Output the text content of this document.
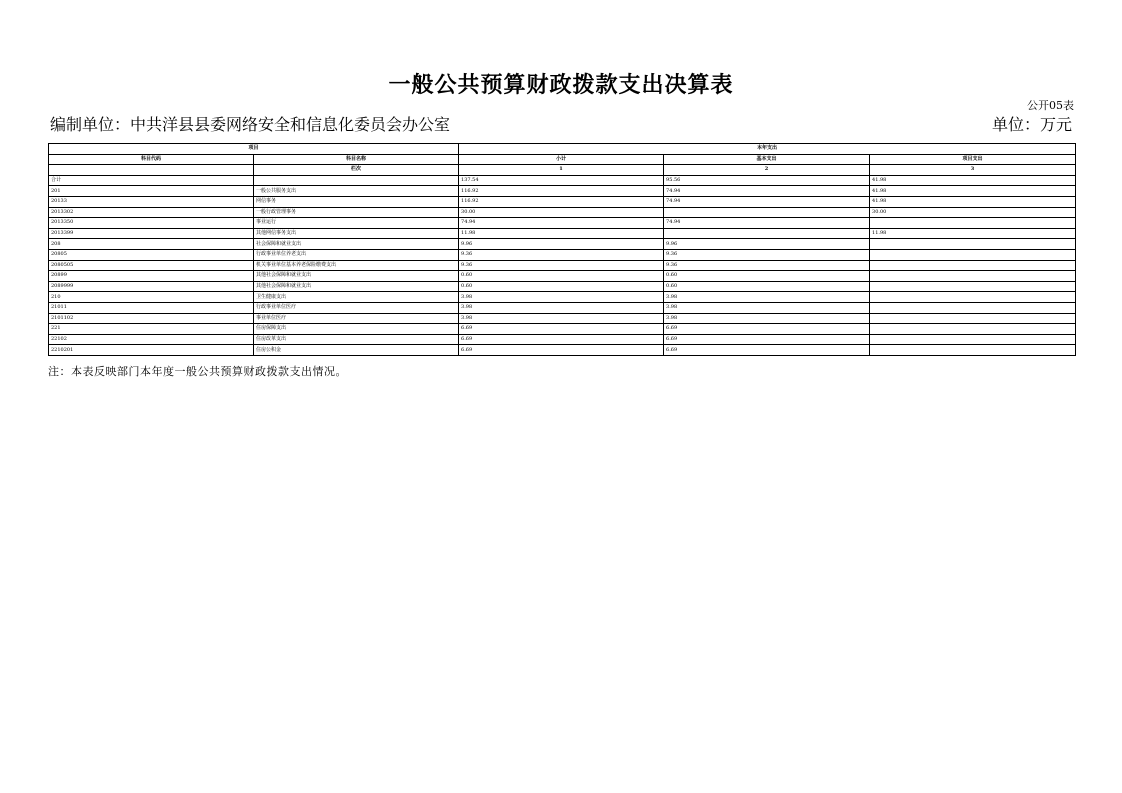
一般公共预算财政拨款支出决算表
公开05表
编制单位：中共洋县县委网络安全和信息化委员会办公室	单位：万元
项目		本年支出		
科目代码	科目名称	小计	基本支出	项目支出
	栏次	1	2	3
合计		137.54	95.56	41.98
201	一般公共服务支出	116.92	74.94	41.98
20133	网信事务	116.92	74.94	41.98
2013302	一般行政管理事务	30.00		30.00
2013350	事业运行	74.94	74.94	
2013399	其他网信事务支出	11.98		11.98
208	社会保障和就业支出	9.96	9.96	
20805	行政事业单位养老支出	9.36	9.36	
2080505	机关事业单位基本养老保险缴费支出	9.36	9.36	
20899	其他社会保障和就业支出	0.60	0.60	
2089999	其他社会保障和就业支出	0.60	0.60	
210	卫生健康支出	3.98	3.98	
21011	行政事业单位医疗	3.98	3.98	
2101102	事业单位医疗	3.98	3.98	
221	住房保障支出	6.69	6.69	
22102	住房改革支出	6.69	6.69	
2210201	住房公积金	6.69	6.69	
注：本表反映部门本年度一般公共预算财政拨款支出情况。
